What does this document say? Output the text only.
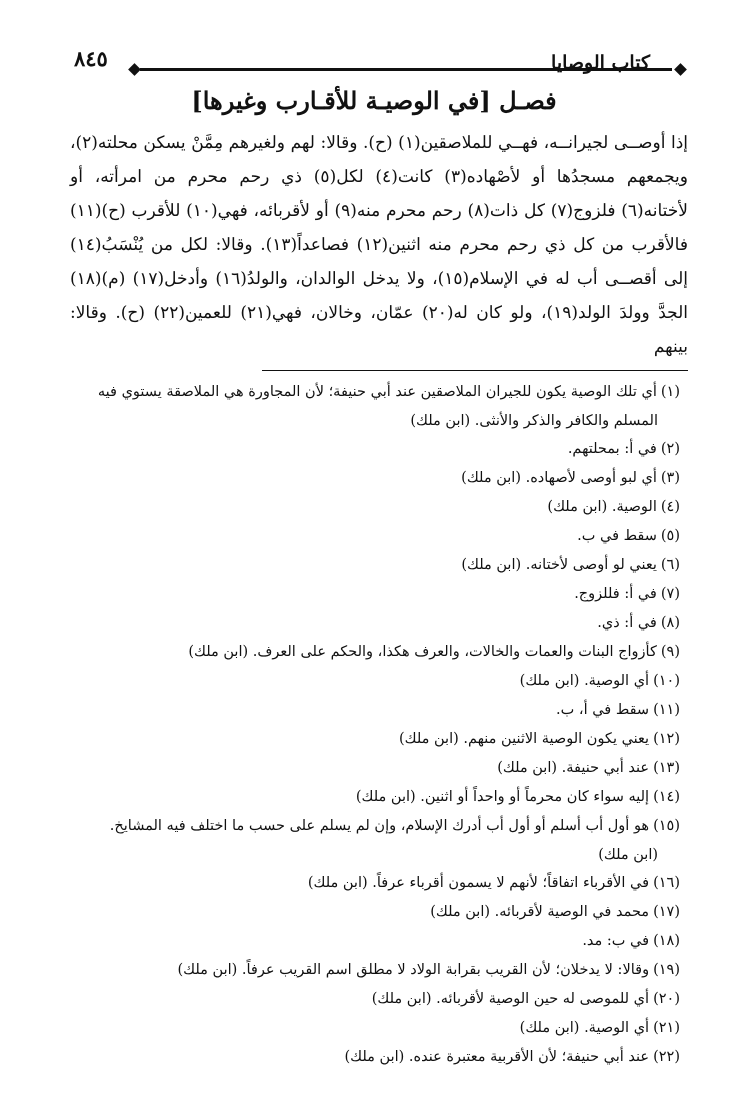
كتاب الوصايا
٨٤٥
فصـل [في الوصيـة للأقـارب وغيرها]

إذا أوصــى لجيرانــه، فهــي للملاصقين(١) (ح). وقالا: لهم ولغيرهم مِمَّنْ يسكن محلته(٢)، ويجمعهم مسجدُها أو لأصْهاده(٣) كانت(٤) لكل(٥) ذي رحم محرم من امرأته، أو لأختانه(٦) فلزوج(٧) كل ذات(٨) رحم محرم منه(٩) أو لأقربائه، فهي(١٠) للأقرب (ح)(١١) فالأقرب من كل ذي رحم محرم منه اثنين(١٢) فصاعداً(١٣). وقالا: لكل من يُنْسَبُ(١٤) إلى أقصــى أب له في الإسلام(١٥)، ولا يدخل الوالدان، والولدُ(١٦) وأدخل(١٧) (م)(١٨) الجدَّ وولدَ الولد(١٩)، ولو كان له(٢٠) عمّان، وخالان، فهي(٢١) للعمين(٢٢) (ح). وقالا: بينهم

(١)أي تلك الوصية يكون للجيران الملاصقين عند أبي حنيفة؛ لأن المجاورة هي الملاصقة يستوي فيه
المسلم والكافر والذكر والأنثى. (ابن ملك)
(٢)في أ: بمحلتهم.
(٣)أي لبو أوصى لأصهاده. (ابن ملك)
(٤)الوصية. (ابن ملك)
(٥)سقط في ب.
(٦)يعني لو أوصى لأختانه. (ابن ملك)
(٧)في أ: فللزوج.
(٨)في أ: ذي.
(٩)كأزواج البنات والعمات والخالات، والعرف هكذا، والحكم على العرف. (ابن ملك)
(١٠)أي الوصية. (ابن ملك)
(١١)سقط في أ، ب.
(١٢)يعني يكون الوصية الاثنين منهم. (ابن ملك)
(١٣)عند أبي حنيفة. (ابن ملك)
(١٤)إليه سواء كان محرماً أو واحداً أو اثنين. (ابن ملك)
(١٥)هو أول أب أسلم أو أول أب أدرك الإسلام، وإن لم يسلم على حسب ما اختلف فيه المشايخ.
(ابن ملك)
(١٦)في الأقرباء اتفاقاً؛ لأنهم لا يسمون أقرباء عرفاً. (ابن ملك)
(١٧)محمد في الوصية لأقربائه. (ابن ملك)
(١٨)في ب: مد.
(١٩)وقالا: لا يدخلان؛ لأن القريب بقرابة الولاد لا مطلق اسم القريب عرفاً. (ابن ملك)
(٢٠)أي للموصى له حين الوصية لأقربائه. (ابن ملك)
(٢١)أي الوصية. (ابن ملك)
(٢٢)عند أبي حنيفة؛ لأن الأقربية معتبرة عنده. (ابن ملك)
